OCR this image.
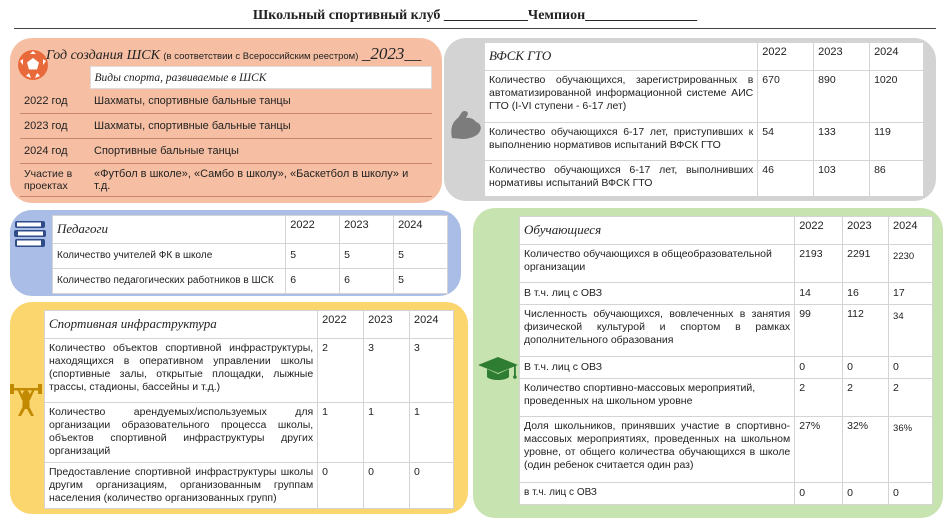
Школьный спортивный клуб ____________Чемпион________________
Год создания ШСК (в соответствии с Всероссийским реестром) _2023__
	Виды спорта, развиваемые в ШСК
2022 год	Шахматы, спортивные бальные танцы
2023 год	Шахматы, спортивные бальные танцы
2024 год	Спортивные бальные танцы
Участие в проектах	«Футбол в школе», «Самбо в школу», «Баскетбол в школу» и т.д.
ВФСК ГТО	2022	2023	2024
Количество обучающихся, зарегистрированных в автоматизированной информационной системе АИС ГТО (I-VI ступени - 6-17 лет)	670	890	1020
Количество обучающихся 6-17 лет, приступивших к выполнению нормативов испытаний ВФСК ГТО	54	133	119
Количество обучающихся 6-17 лет, выполнивших нормативы испытаний ВФСК ГТО	46	103	86
Педагоги	2022	2023	2024
Количество учителей ФК в школе	5	5	5
Количество педагогических работников в ШСК	6	6	5
Спортивная инфраструктура	2022	2023	2024
Количество объектов спортивной инфраструктуры, находящихся в оперативном управлении школы (спортивные залы, открытые площадки, лыжные трассы, стадионы, бассейны и т.д.)	2	3	3
Количество арендуемых/используемых для организации образовательного процесса школы, объектов спортивной инфраструктуры других организаций	1	1	1
Предоставление спортивной инфраструктуры школы другим организациям, организованным группам населения (количество организованных групп)	0	0	0
Обучающиеся	2022	2023	2024
Количество обучающихся в общеобразовательной организации	2193	2291	2230
В т.ч. лиц с ОВЗ	14	16	17
Численность обучающихся, вовлеченных в занятия физической культурой и спортом в рамках дополнительного образования	99	112	34
В т.ч. лиц с ОВЗ	0	0	0
Количество спортивно-массовых мероприятий, проведенных на школьном уровне	2	2	2
Доля школьников, принявших участие в спортивно-массовых мероприятиях, проведенных на школьном уровне, от общего количества обучающихся в школе (один ребенок считается один раз)	27%	32%	36%
в т.ч. лиц с ОВЗ	0	0	0
